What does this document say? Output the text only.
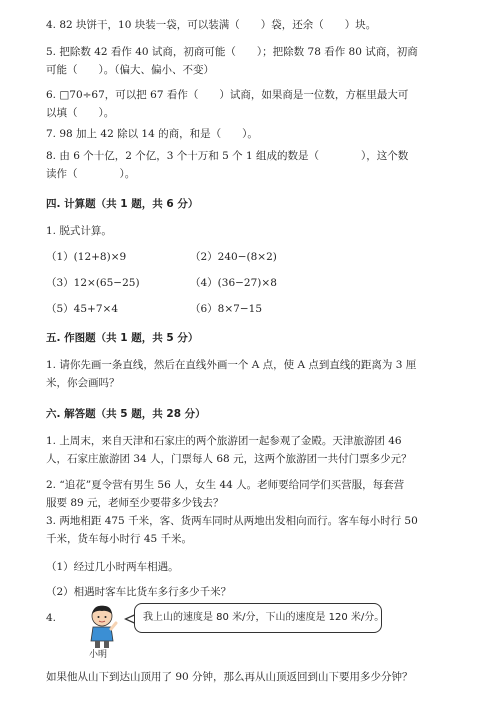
4. 82 块饼干，10 块装一袋，可以装满（　　）袋，还余（　　）块。
5. 把除数 42 看作 40 试商，初商可能（　　）；把除数 78 看作 80 试商，初商
可能（　　）。（偏大、偏小、不变）
6. □70÷67，可以把 67 看作（　　）试商，如果商是一位数，方框里最大可
以填（　　）。
7. 98 加上 42 除以 14 的商，和是（　　）。
8. 由 6 个十亿，2 个亿，3 个十万和 5 个 1 组成的数是（　　　　），这个数
读作（　　　　）。
四. 计算题（共 1 题，共 6 分）
1. 脱式计算。
（1）(12+8)×9	（2）240−(8×2)
（3）12×(65−25)	（4）(36−27)×8
（5）45+7×4	（6）8×7−15
五. 作图题（共 1 题，共 5 分）
1. 请你先画一条直线，然后在直线外画一个 A 点，使 A 点到直线的距离为 3 厘
米，你会画吗？
六. 解答题（共 5 题，共 28 分）
1. 上周末，来自天津和石家庄的两个旅游团一起参观了金殿。天津旅游团 46
人，石家庄旅游团 34 人，门票每人 68 元，这两个旅游团一共付门票多少元？
2. “追花”夏令营有男生 56 人，女生 44 人。老师要给同学们买营服，每套营
服要 89 元，老师至少要带多少钱去？
3. 两地相距 475 千米，客、货两车同时从两地出发相向而行。客车每小时行 50
千米，货车每小时行 45 千米。
（1）经过几小时两车相遇。
（2）相遇时客车比货车多行多少千米？
4.
小明
我上山的速度是 80 米/分，下山的速度是 120 米/分。
如果他从山下到达山顶用了 90 分钟，那么再从山顶返回到山下要用多少分钟？
